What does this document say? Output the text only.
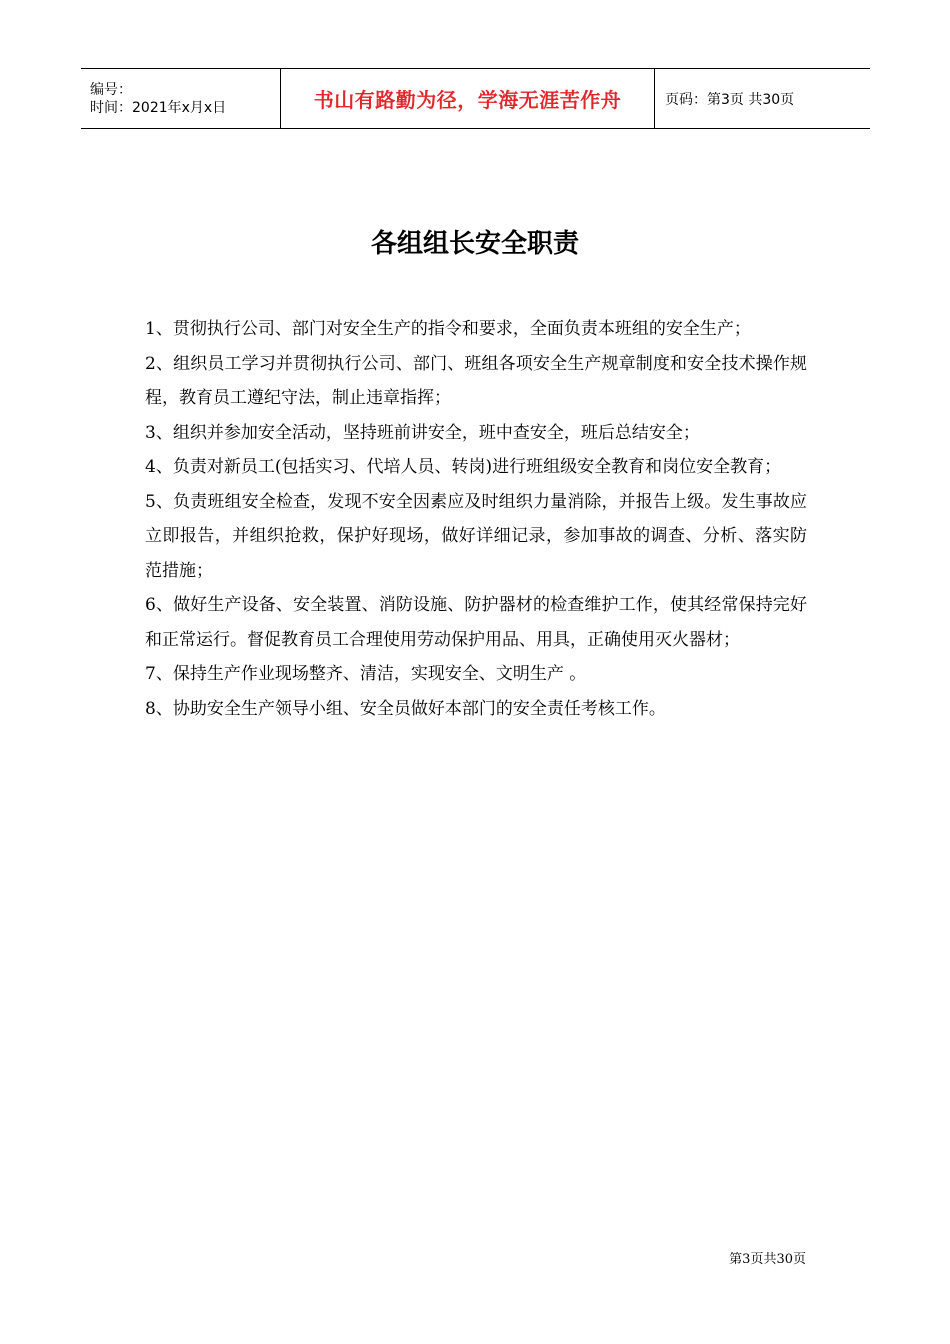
编号：
时间：2021年x月x日	书山有路勤为径，学海无涯苦作舟	页码：第3页 共30页
各组组长安全职责

1、贯彻执行公司、部门对安全生产的指令和要求，全面负责本班组的安全生产；

2、组织员工学习并贯彻执行公司、部门、班组各项安全生产规章制度和安全技术操作规程，教育员工遵纪守法，制止违章指挥；

3、组织并参加安全活动，坚持班前讲安全，班中查安全，班后总结安全；

4、负责对新员工(包括实习、代培人员、转岗)进行班组级安全教育和岗位安全教育；

5、负责班组安全检查，发现不安全因素应及时组织力量消除，并报告上级。发生事故应立即报告，并组织抢救，保护好现场，做好详细记录，参加事故的调查、分析、落实防范措施；

6、做好生产设备、安全装置、消防设施、防护器材的检查维护工作，使其经常保持完好和正常运行。督促教育员工合理使用劳动保护用品、用具，正确使用灭火器材；

7、保持生产作业现场整齐、清洁，实现安全、文明生产 。

8、协助安全生产领导小组、安全员做好本部门的安全责任考核工作。

第3页共30页
